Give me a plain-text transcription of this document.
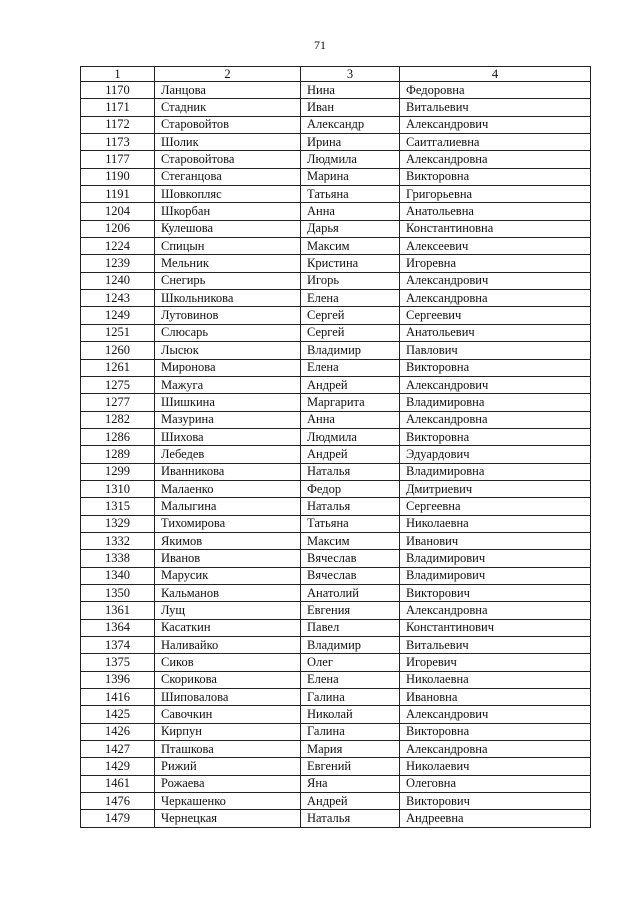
71
1	2	3	4
1170	Ланцова	Нина	Федоровна
1171	Стадник	Иван	Витальевич
1172	Старовойтов	Александр	Александрович
1173	Шолик	Ирина	Саитгалиевна
1177	Старовойтова	Людмила	Александровна
1190	Стеганцова	Марина	Викторовна
1191	Шовкопляс	Татьяна	Григорьевна
1204	Шкорбан	Анна	Анатольевна
1206	Кулешова	Дарья	Константиновна
1224	Спицын	Максим	Алексеевич
1239	Мельник	Кристина	Игоревна
1240	Снегирь	Игорь	Александрович
1243	Школьникова	Елена	Александровна
1249	Лутовинов	Сергей	Сергеевич
1251	Слюсарь	Сергей	Анатольевич
1260	Лысюк	Владимир	Павлович
1261	Миронова	Елена	Викторовна
1275	Мажуга	Андрей	Александрович
1277	Шишкина	Маргарита	Владимировна
1282	Мазурина	Анна	Александровна
1286	Шихова	Людмила	Викторовна
1289	Лебедев	Андрей	Эдуардович
1299	Иванникова	Наталья	Владимировна
1310	Малаенко	Федор	Дмитриевич
1315	Малыгина	Наталья	Сергеевна
1329	Тихомирова	Татьяна	Николаевна
1332	Якимов	Максим	Иванович
1338	Иванов	Вячеслав	Владимирович
1340	Марусик	Вячеслав	Владимирович
1350	Кальманов	Анатолий	Викторович
1361	Лущ	Евгения	Александровна
1364	Касаткин	Павел	Константинович
1374	Наливайко	Владимир	Витальевич
1375	Сиков	Олег	Игоревич
1396	Скорикова	Елена	Николаевна
1416	Шиповалова	Галина	Ивановна
1425	Савочкин	Николай	Александрович
1426	Кирпун	Галина	Викторовна
1427	Пташкова	Мария	Александровна
1429	Рижий	Евгений	Николаевич
1461	Рожаева	Яна	Олеговна
1476	Черкашенко	Андрей	Викторович
1479	Чернецкая	Наталья	Андреевна
